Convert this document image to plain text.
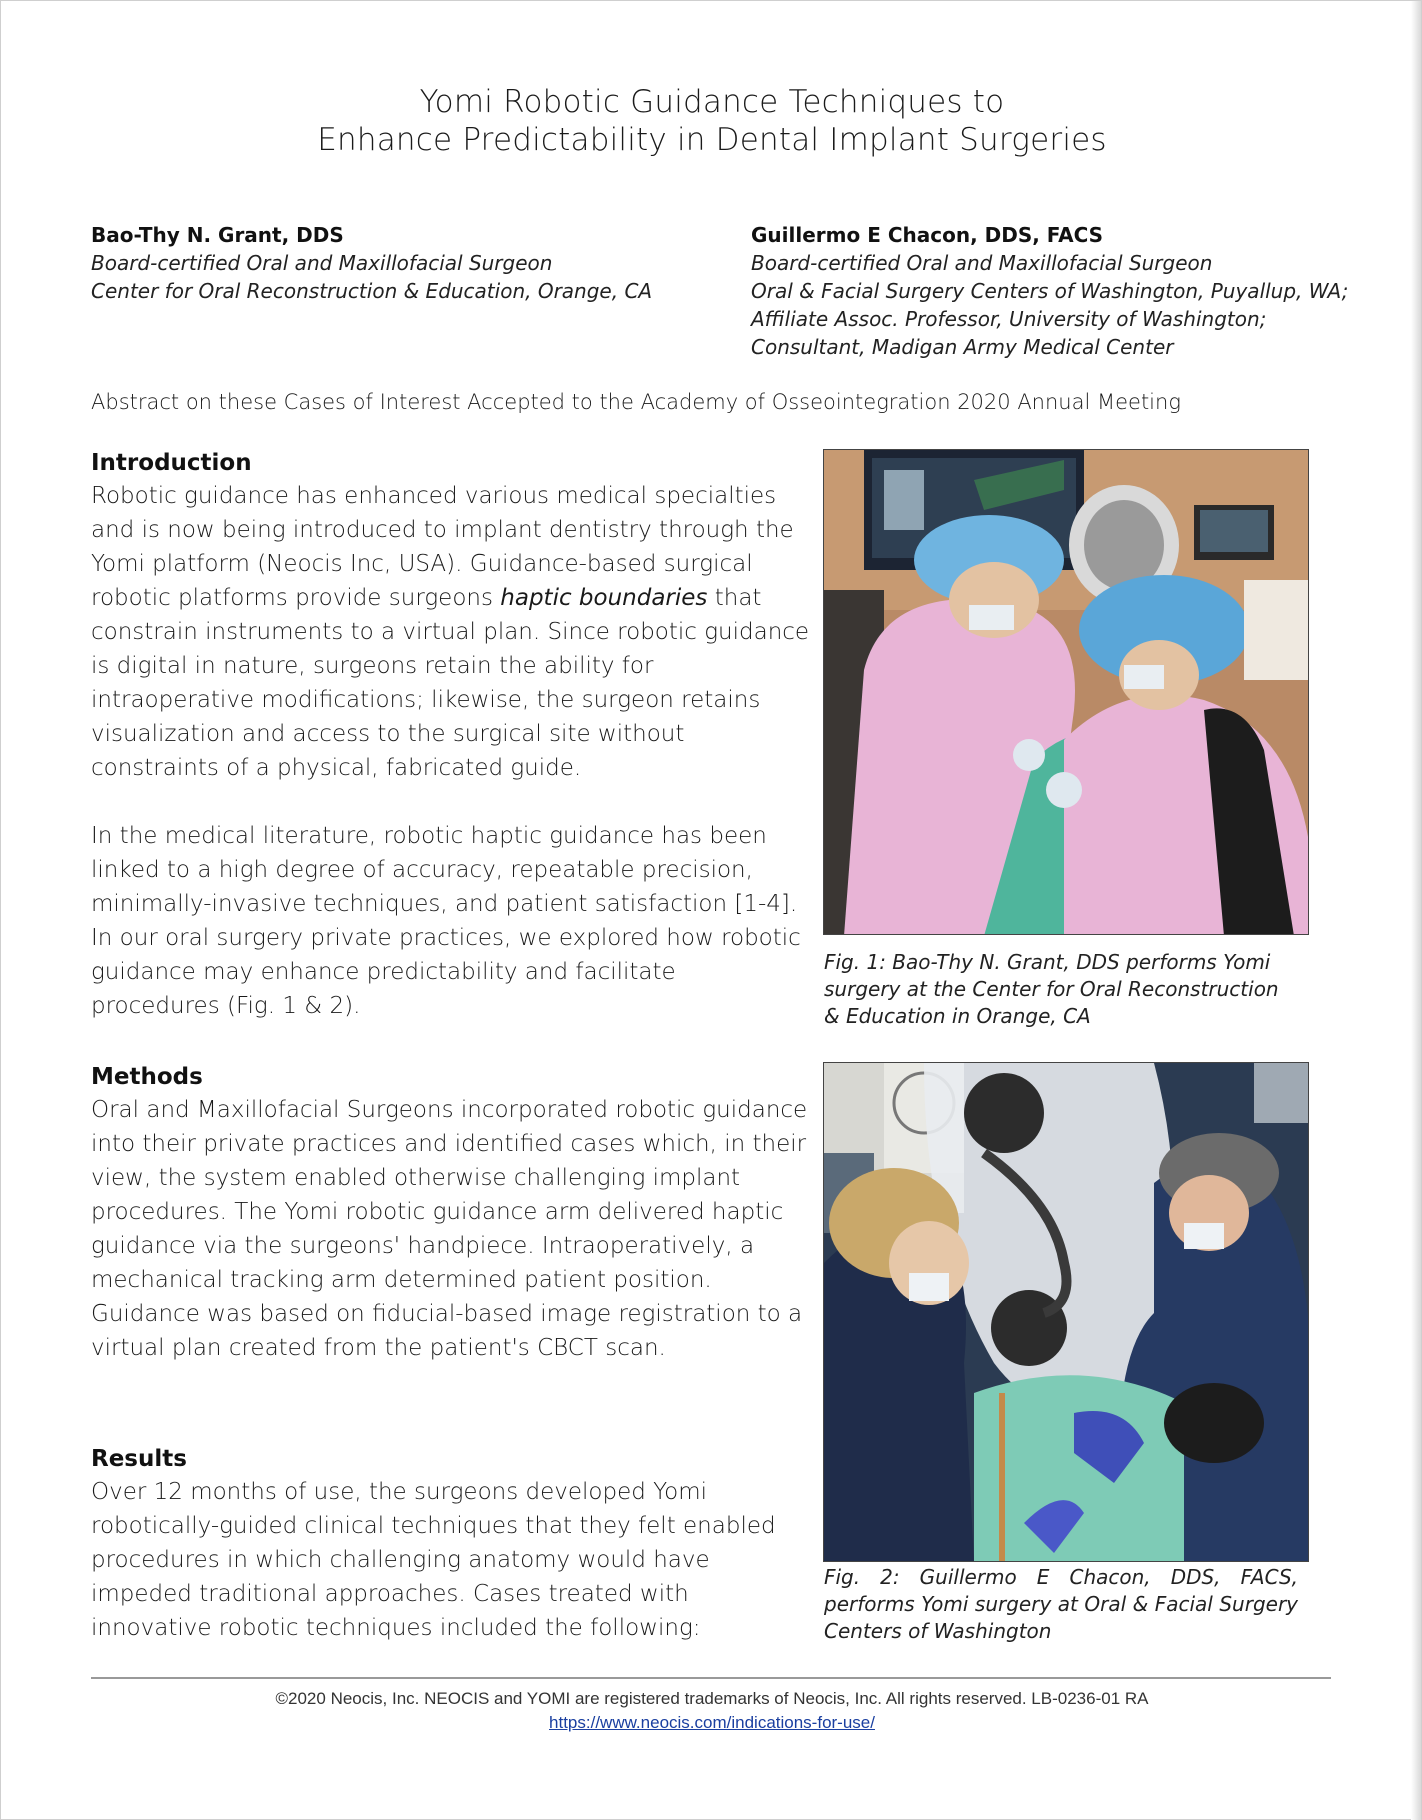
Yomi Robotic Guidance Techniques to
Enhance Predictability in Dental Implant Surgeries
Bao-Thy N. Grant, DDS
Board-certified Oral and Maxillofacial Surgeon
Center for Oral Reconstruction & Education, Orange, CA
Guillermo E Chacon, DDS, FACS
Board-certified Oral and Maxillofacial Surgeon
Oral & Facial Surgery Centers of Washington, Puyallup, WA;
Affiliate Assoc. Professor, University of Washington;
Consultant, Madigan Army Medical Center
Abstract on these Cases of Interest Accepted to the Academy of Osseointegration 2020 Annual Meeting
Introduction

Robotic guidance has enhanced various medical specialties and is now being introduced to implant dentistry through the Yomi platform (Neocis Inc, USA). Guidance-based surgical robotic platforms provide surgeons haptic boundaries that constrain instruments to a virtual plan. Since robotic guidance is digital in nature, surgeons retain the ability for intraoperative modifications; likewise, the surgeon retains visualization and access to the surgical site without constraints of a physical, fabricated guide.

In the medical literature, robotic haptic guidance has been linked to a high degree of accuracy, repeatable precision, minimally-invasive techniques, and patient satisfaction [1-4]. In our oral surgery private practices, we explored how robotic guidance may enhance predictability and facilitate procedures (Fig. 1 & 2).

Methods

Oral and Maxillofacial Surgeons incorporated robotic guidance into their private practices and identified cases which, in their view, the system enabled otherwise challenging implant procedures. The Yomi robotic guidance arm delivered haptic guidance via the surgeons' handpiece. Intraoperatively, a mechanical tracking arm determined patient position. Guidance was based on fiducial-based image registration to a virtual plan created from the patient's CBCT scan.

Results

Over 12 months of use, the surgeons developed Yomi robotically-guided clinical techniques that they felt enabled procedures in which challenging anatomy would have impeded traditional approaches. Cases treated with innovative robotic techniques included the following:

Fig. 1: Bao-Thy N. Grant, DDS performs Yomi surgery at the Center for Oral Reconstruction & Education in Orange, CA
Fig. 2: Guillermo E Chacon, DDS, FACS, performs Yomi surgery at Oral & Facial Surgery Centers of Washington
©2020 Neocis, Inc. NEOCIS and YOMI are registered trademarks of Neocis, Inc. All rights reserved. LB-0236-01 RA
https://www.neocis.com/indications-for-use/
